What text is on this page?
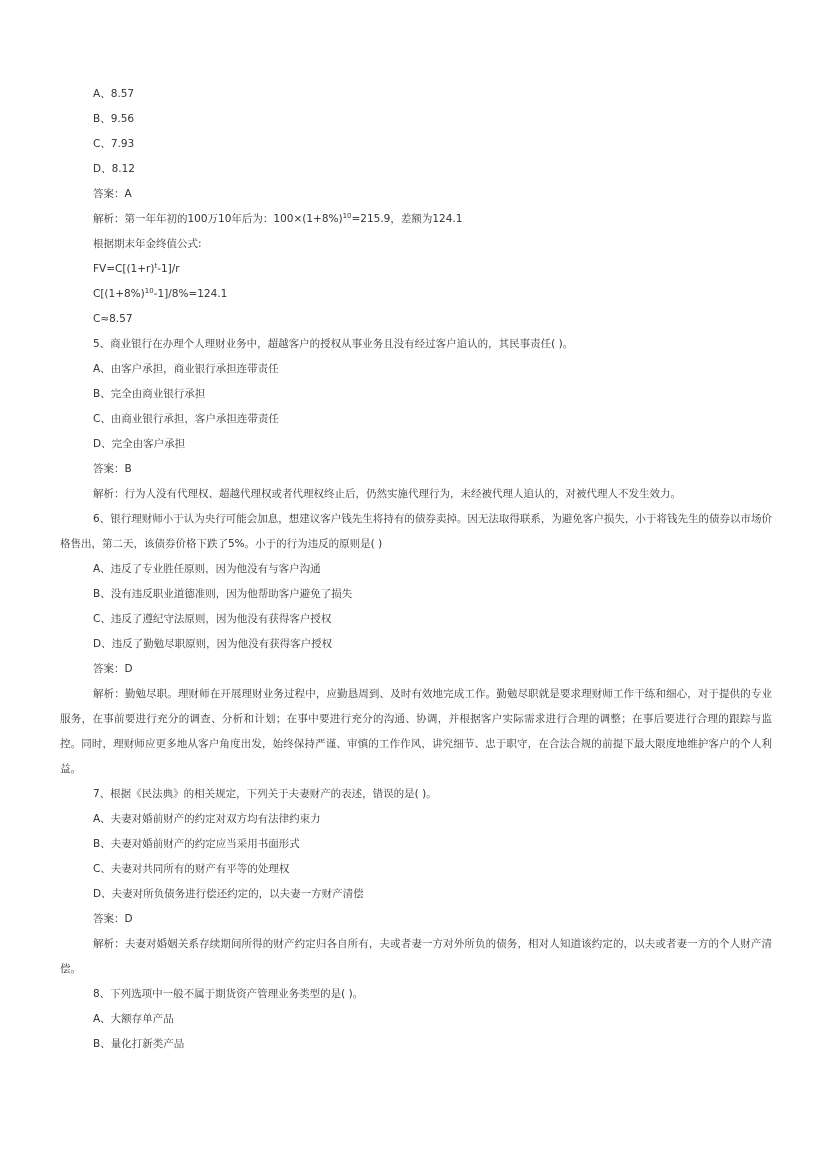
A、8.57
B、9.56
C、7.93
D、8.12
答案：A
解析：第一年年初的100万10年后为：$100\times(1+8\%)^{10}=215.9$，差额为124.1
根据期末年金终值公式:
$FV=C[(1+r)^t-1]/r$
$C[(1+8\%)^{10}-1]/8\%=124.1$
C≈8.57
5、商业银行在办理个人理财业务中，超越客户的授权从事业务且没有经过客户追认的，其民事责任( )。
A、由客户承担，商业银行承担连带责任
B、完全由商业银行承担
C、由商业银行承担，客户承担连带责任
D、完全由客户承担
答案：B
解析：行为人没有代理权、超越代理权或者代理权终止后，仍然实施代理行为，未经被代理人追认的，对被代理人不发生效力。
6、银行理财师小于认为央行可能会加息，想建议客户钱先生将持有的债券卖掉。因无法取得联系，为避免客户损失，小于将钱先生的债券以市场价格售出，第二天，该债券价格下跌了5%。小于的行为违反的原则是( )
A、违反了专业胜任原则，因为他没有与客户沟通
B、没有违反职业道德准则，因为他帮助客户避免了损失
C、违反了遵纪守法原则，因为他没有获得客户授权
D、违反了勤勉尽职原则，因为他没有获得客户授权
答案：D
解析：勤勉尽职。理财师在开展理财业务过程中，应勤恳周到、及时有效地完成工作。勤勉尽职就是要求理财师工作干练和细心，对于提供的专业服务，在事前要进行充分的调查、分析和计划；在事中要进行充分的沟通、协调，并根据客户实际需求进行合理的调整；在事后要进行合理的跟踪与监控。同时，理财师应更多地从客户角度出发，始终保持严谨、审慎的工作作风，讲究细节、忠于职守，在合法合规的前提下最大限度地维护客户的个人利益。
7、根据《民法典》的相关规定，下列关于夫妻财产的表述，错误的是( )。
A、夫妻对婚前财产的约定对双方均有法律约束力
B、夫妻对婚前财产的约定应当采用书面形式
C、夫妻对共同所有的财产有平等的处理权
D、夫妻对所负债务进行偿还约定的，以夫妻一方财产清偿
答案：D
解析：夫妻对婚姻关系存续期间所得的财产约定归各自所有，夫或者妻一方对外所负的债务，相对人知道该约定的，以夫或者妻一方的个人财产清偿。
8、下列选项中一般不属于期货资产管理业务类型的是( )。
A、大额存单产品
B、量化打新类产品
